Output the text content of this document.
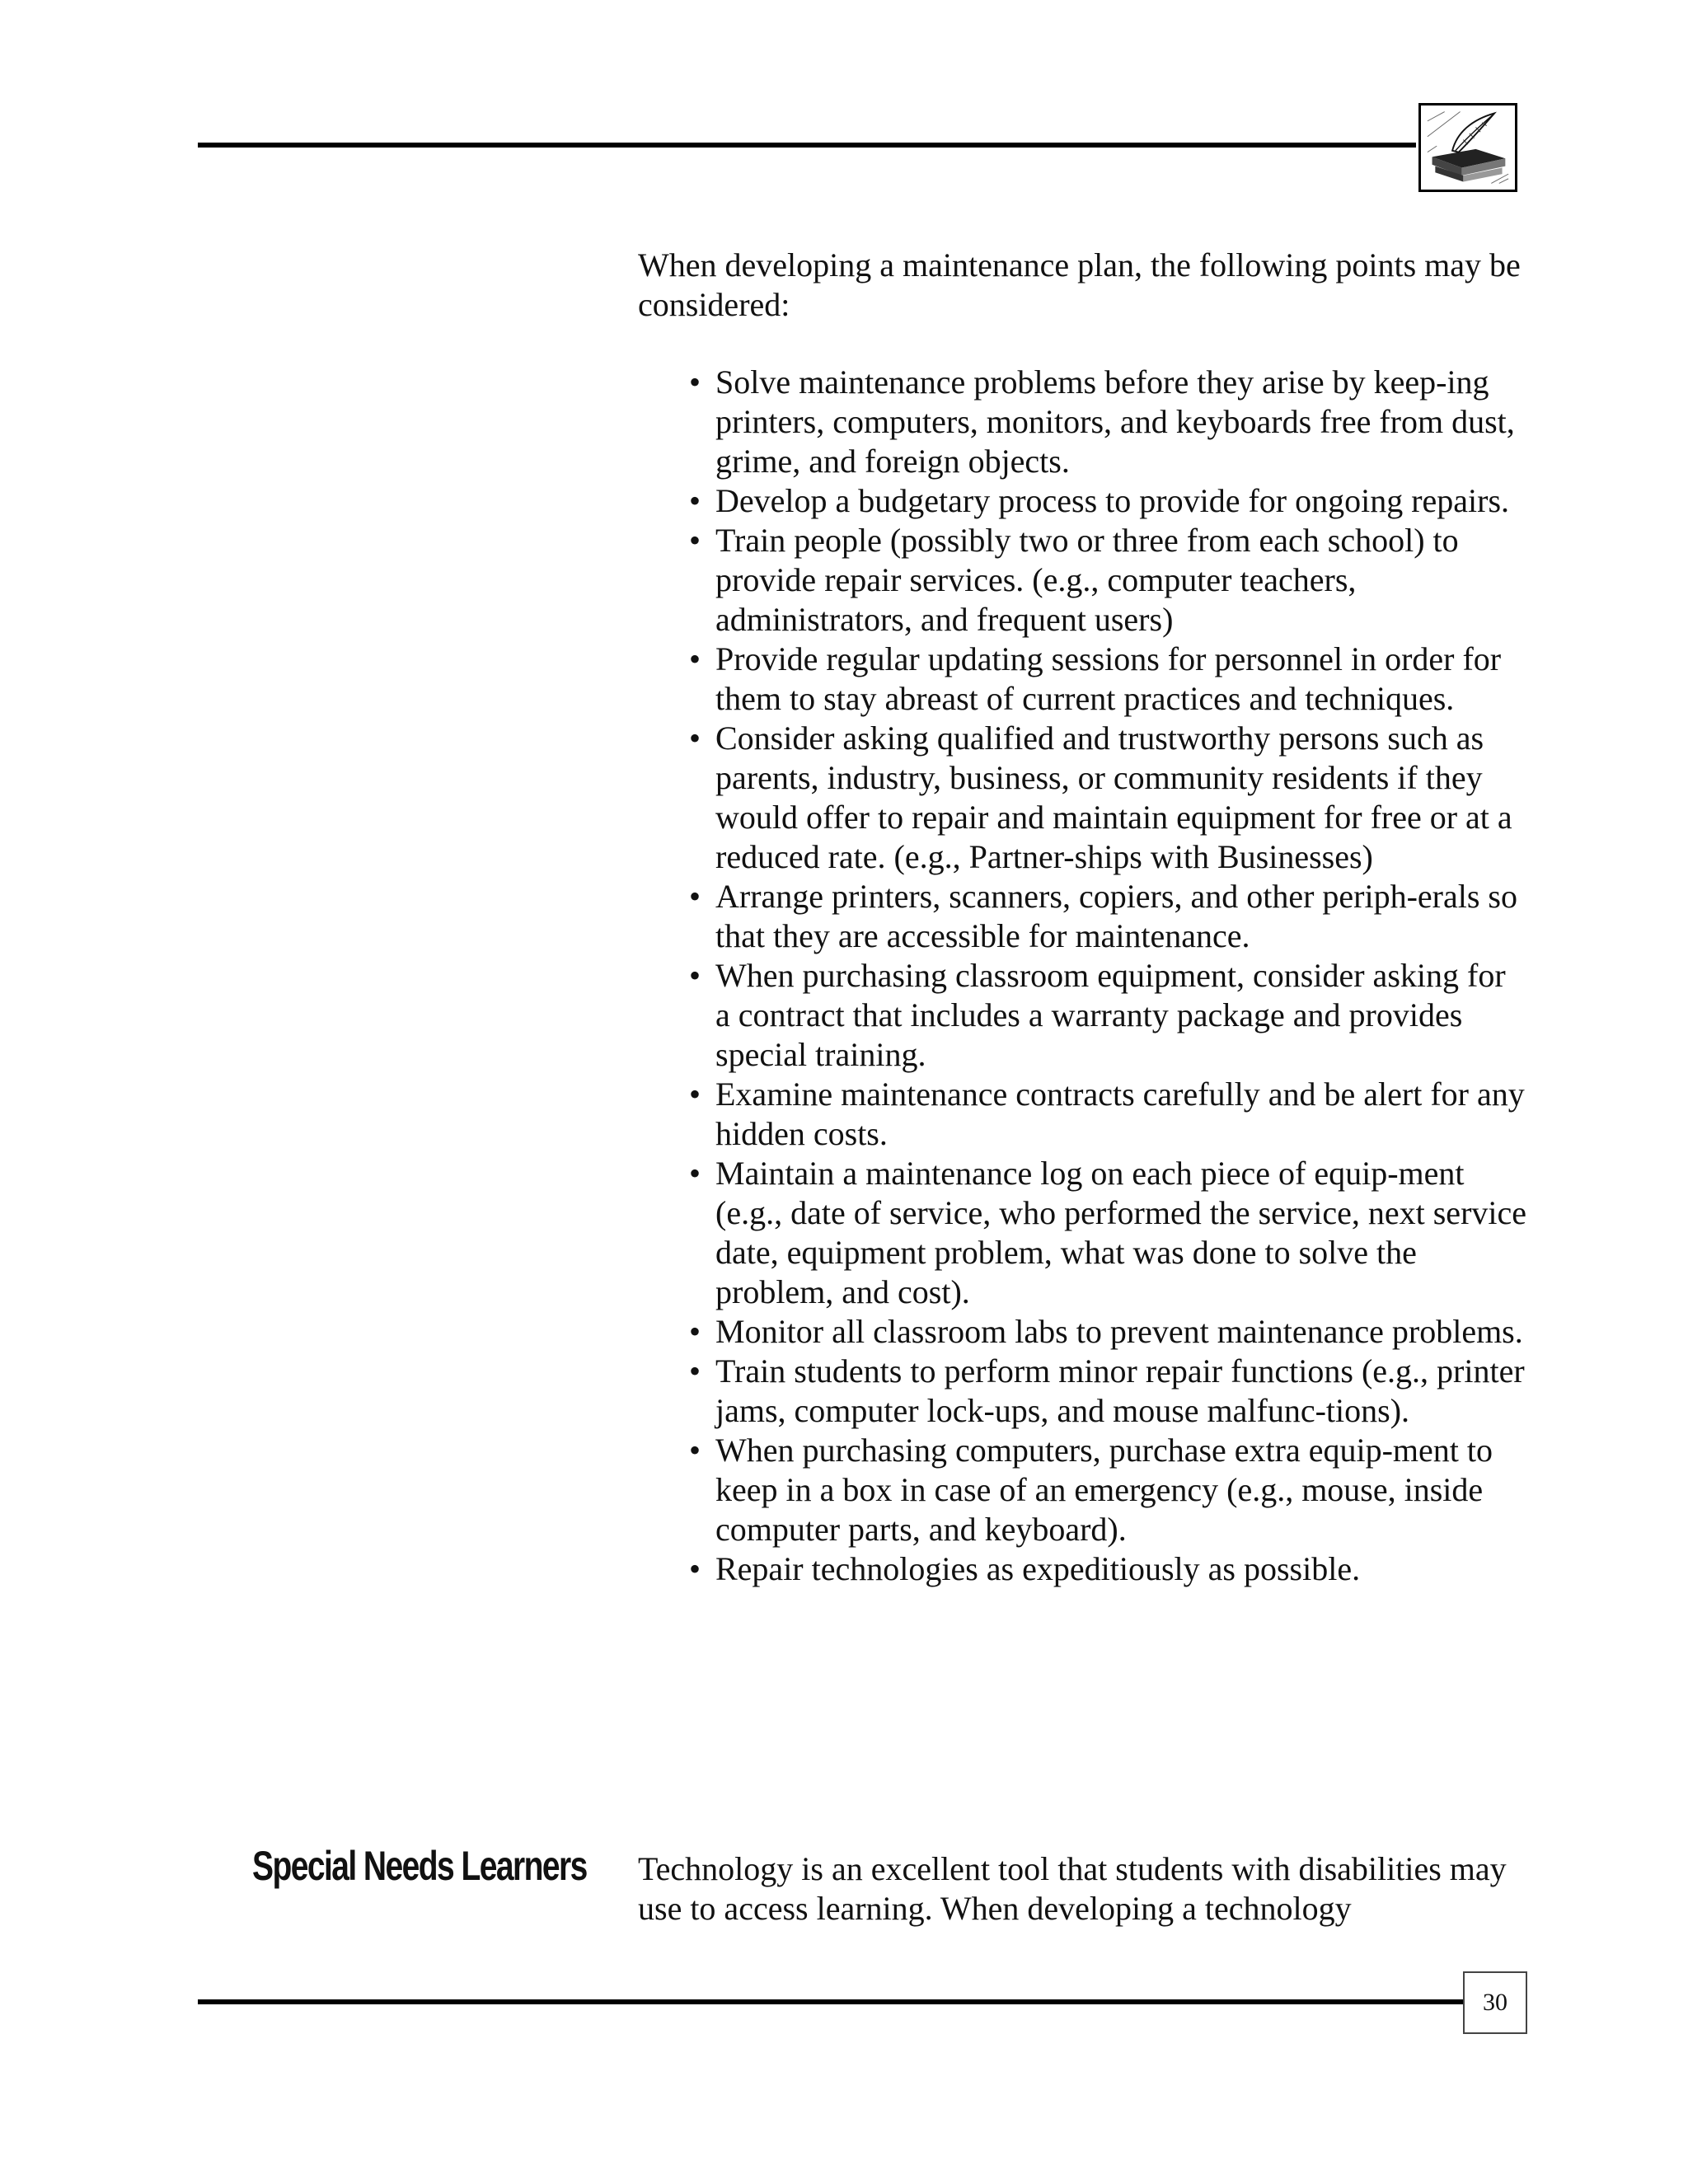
When developing a maintenance plan, the following points may be considered:

• Solve maintenance problems before they arise by keep-ing printers, computers, monitors, and keyboards free from dust, grime, and foreign objects.
• Develop a budgetary process to provide for ongoing repairs.
• Train people (possibly two or three from each school) to provide repair services. (e.g., computer teachers, administrators, and frequent users)
• Provide regular updating sessions for personnel in order for them to stay abreast of current practices and techniques.
• Consider asking qualified and trustworthy persons such as parents, industry, business, or community residents if they would offer to repair and maintain equipment for free or at a reduced rate. (e.g., Partner-ships with Businesses)
• Arrange printers, scanners, copiers, and other periph-erals so that they are accessible for maintenance.
• When purchasing classroom equipment, consider asking for a contract that includes a warranty package and provides special training.
• Examine maintenance contracts carefully and be alert for any hidden costs.
• Maintain a maintenance log on each piece of equip-ment (e.g., date of service, who performed the service, next service date, equipment problem, what was done to solve the problem, and cost).
• Monitor all classroom labs to prevent maintenance problems.
• Train students to perform minor repair functions (e.g., printer jams, computer lock-ups, and mouse malfunc-tions).
• When purchasing computers, purchase extra equip-ment to keep in a box in case of an emergency (e.g., mouse, inside computer parts, and keyboard).
• Repair technologies as expeditiously as possible.
Special Needs Learners Technology is an excellent tool that students with disabilities may use to access learning. When developing a technology

30
